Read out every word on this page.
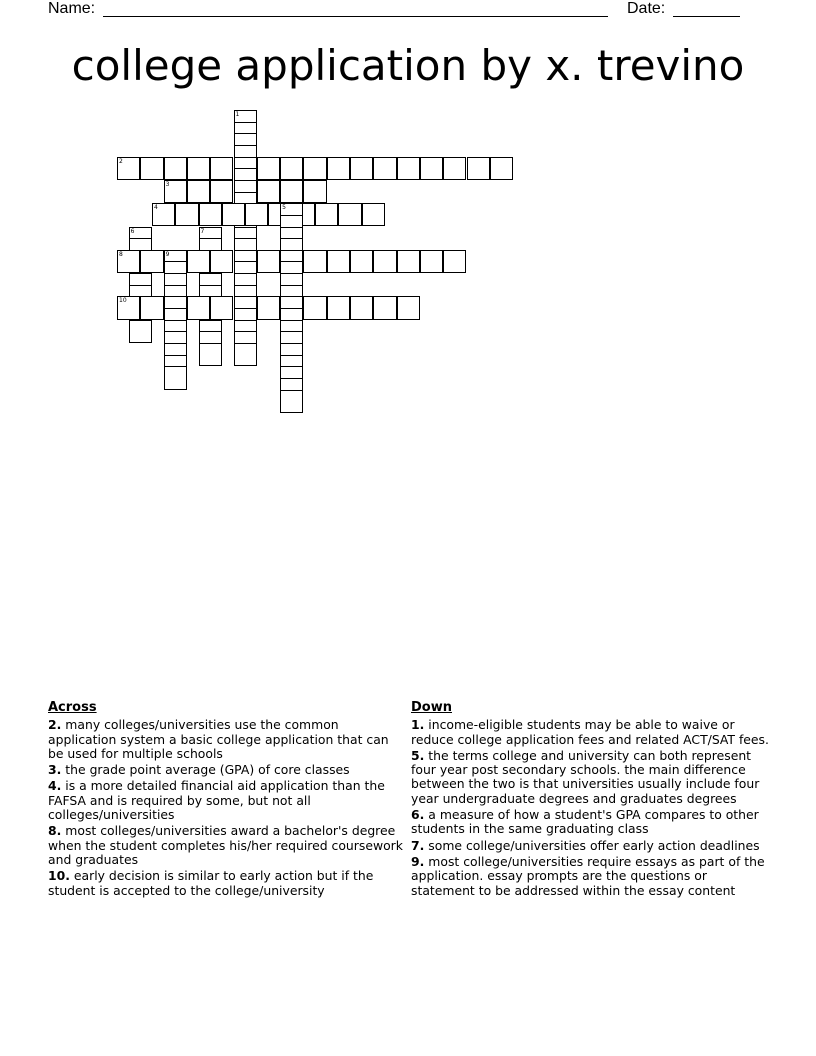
Name:	Date:
college application by x. trevino
1
2
3
4	5
6	7
8	9
10
Across
2. many colleges/universities use the common application system a basic college application that can be used for multiple schools
3. the grade point average (GPA) of core classes
4. is a more detailed financial aid application than the FAFSA and is required by some, but not all colleges/universities
8. most colleges/universities award a bachelor's degree when the student completes his/her required coursework and graduates
10. early decision is similar to early action but if the student is accepted to the college/university
Down
1. income-eligible students may be able to waive or reduce college application fees and related ACT/SAT fees.
5. the terms college and university can both represent four year post secondary schools. the main difference between the two is that universities usually include four year undergraduate degrees and graduates degrees
6. a measure of how a student's GPA compares to other students in the same graduating class
7. some college/universities offer early action deadlines
9. most college/universities require essays as part of the application. essay prompts are the questions or statement to be addressed within the essay content
